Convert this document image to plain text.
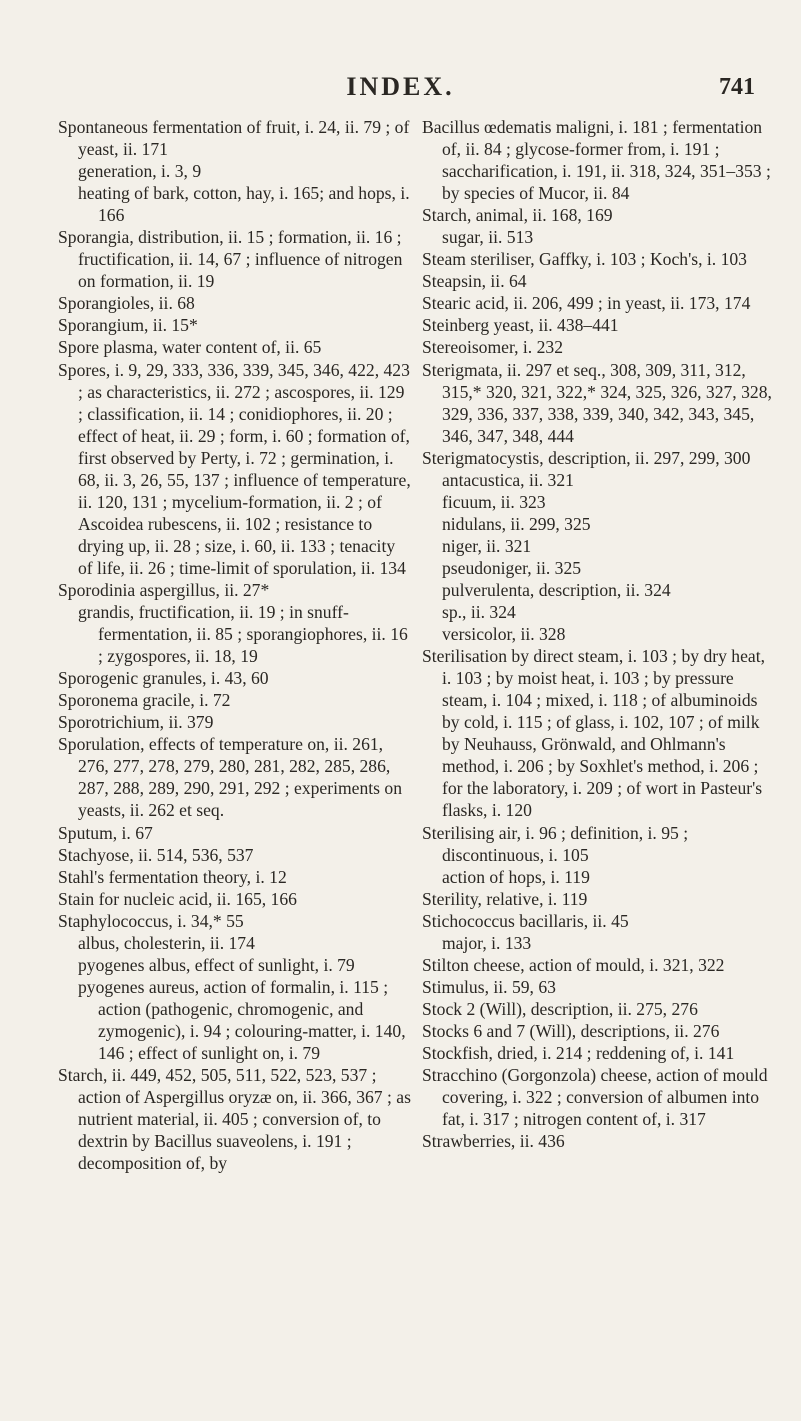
INDEX.	741

Spontaneous fermentation of fruit, i. 24, ii. 79 ; of yeast, ii. 171

generation, i. 3, 9

heating of bark, cotton, hay, i. 165; and hops, i. 166

Sporangia, distribution, ii. 15 ; formation, ii. 16 ; fructification, ii. 14, 67 ; influence of nitrogen on formation, ii. 19

Sporangioles, ii. 68

Sporangium, ii. 15*

Spore plasma, water content of, ii. 65

Spores, i. 9, 29, 333, 336, 339, 345, 346, 422, 423 ; as characteristics, ii. 272 ; ascospores, ii. 129 ; classification, ii. 14 ; conidiophores, ii. 20 ; effect of heat, ii. 29 ; form, i. 60 ; formation of, first observed by Perty, i. 72 ; germination, i. 68, ii. 3, 26, 55, 137 ; influence of temperature, ii. 120, 131 ; mycelium-formation, ii. 2 ; of Ascoidea rubescens, ii. 102 ; resistance to drying up, ii. 28 ; size, i. 60, ii. 133 ; tenacity of life, ii. 26 ; time-limit of sporulation, ii. 134

Sporodinia aspergillus, ii. 27*

grandis, fructification, ii. 19 ; in snuff-fermentation, ii. 85 ; sporangiophores, ii. 16 ; zygospores, ii. 18, 19

Sporogenic granules, i. 43, 60

Sporonema gracile, i. 72

Sporotrichium, ii. 379

Sporulation, effects of temperature on, ii. 261, 276, 277, 278, 279, 280, 281, 282, 285, 286, 287, 288, 289, 290, 291, 292 ; experiments on yeasts, ii. 262 et seq.

Sputum, i. 67

Stachyose, ii. 514, 536, 537

Stahl's fermentation theory, i. 12

Stain for nucleic acid, ii. 165, 166

Staphylococcus, i. 34,* 55

albus, cholesterin, ii. 174

pyogenes albus, effect of sunlight, i. 79

pyogenes aureus, action of formalin, i. 115 ; action (pathogenic, chromogenic, and zymogenic), i. 94 ; colouring-matter, i. 140, 146 ; effect of sunlight on, i. 79

Starch, ii. 449, 452, 505, 511, 522, 523, 537 ; action of Aspergillus oryzæ on, ii. 366, 367 ; as nutrient material, ii. 405 ; conversion of, to dextrin by Bacillus suaveolens, i. 191 ; decomposition of, by

Bacillus œdematis maligni, i. 181 ; fermentation of, ii. 84 ; glycose-former from, i. 191 ; saccharification, i. 191, ii. 318, 324, 351–353 ; by species of Mucor, ii. 84

Starch, animal, ii. 168, 169

sugar, ii. 513

Steam steriliser, Gaffky, i. 103 ; Koch's, i. 103

Steapsin, ii. 64

Stearic acid, ii. 206, 499 ; in yeast, ii. 173, 174

Steinberg yeast, ii. 438–441

Stereoisomer, i. 232

Sterigmata, ii. 297 et seq., 308, 309, 311, 312, 315,* 320, 321, 322,* 324, 325, 326, 327, 328, 329, 336, 337, 338, 339, 340, 342, 343, 345, 346, 347, 348, 444

Sterigmatocystis, description, ii. 297, 299, 300

antacustica, ii. 321

ficuum, ii. 323

nidulans, ii. 299, 325

niger, ii. 321

pseudoniger, ii. 325

pulverulenta, description, ii. 324

sp., ii. 324

versicolor, ii. 328

Sterilisation by direct steam, i. 103 ; by dry heat, i. 103 ; by moist heat, i. 103 ; by pressure steam, i. 104 ; mixed, i. 118 ; of albuminoids by cold, i. 115 ; of glass, i. 102, 107 ; of milk by Neuhauss, Grönwald, and Ohlmann's method, i. 206 ; by Soxhlet's method, i. 206 ; for the laboratory, i. 209 ; of wort in Pasteur's flasks, i. 120

Sterilising air, i. 96 ; definition, i. 95 ; discontinuous, i. 105

action of hops, i. 119

Sterility, relative, i. 119

Stichococcus bacillaris, ii. 45

major, i. 133

Stilton cheese, action of mould, i. 321, 322

Stimulus, ii. 59, 63

Stock 2 (Will), description, ii. 275, 276

Stocks 6 and 7 (Will), descriptions, ii. 276

Stockfish, dried, i. 214 ; reddening of, i. 141

Stracchino (Gorgonzola) cheese, action of mould covering, i. 322 ; conversion of albumen into fat, i. 317 ; nitrogen content of, i. 317

Strawberries, ii. 436
